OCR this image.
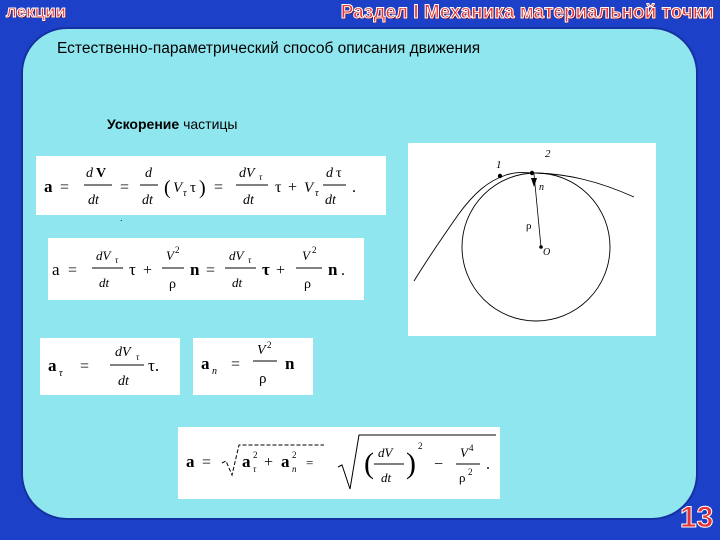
лекции	Раздел I Механика материальной точки
Естественно-параметрический способ описания движения
Ускорение частицы
a =
d V
dt
=
d
dt
( V τ τ ) =
dV τ
dt
τ + V τ
d τ
dt
.
.
a =
dV τ
dt
τ +
V 2
ρ
n =
dV τ
dt
τ +
V 2
ρ
n .
a τ =
dV τ
dt
τ. a n =
V 2
ρ
n
a = a 2
τ + a 2
n = ( dV
dt )
2
−
V 4
ρ 2 .
1
2
n
ρ
O
13
